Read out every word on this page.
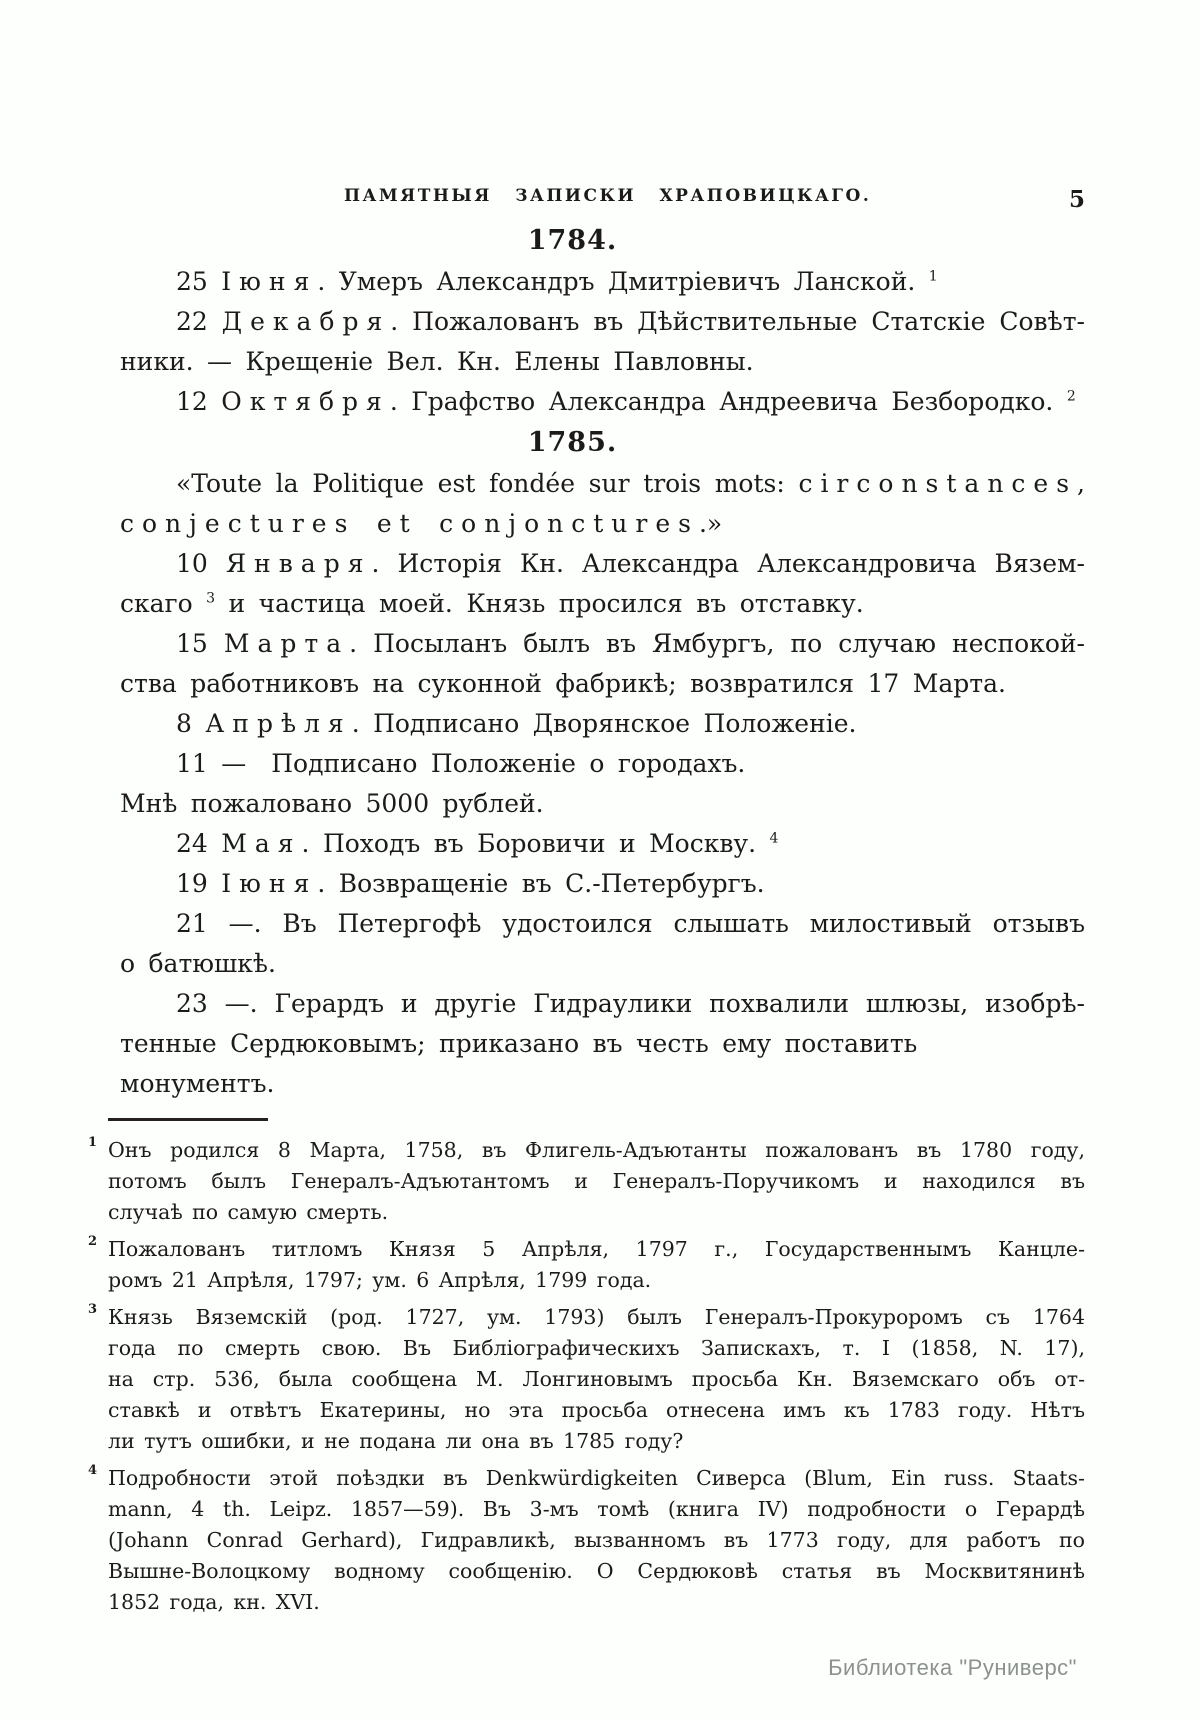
ПАМЯТНЫЯ ЗАПИСКИ ХРАПОВИЦКАГО.	5
1784.
25 Іюня. Умеръ Александръ Дмитріевичъ Ланской. $^1$
22 Декабря. Пожалованъ въ Дѣйствительные Статскіе Совѣт-
ники. — Крещеніе Вел. Кн. Елены Павловны.
12 Октября. Графство Александра Андреевича Безбородко. $^2$
1785.
«Toute la Politique est fondée sur trois mots: circonstances,
conjectures et conjonctures.»
10 Января. Исторія Кн. Александра Александровича Вязем-
скаго $^3$ и частица моей. Князь просился въ отставку.
15 Марта. Посыланъ былъ въ Ямбургъ, по случаю неспокой-
ства работниковъ на суконной фабрикѣ; возвратился 17 Марта.
8 Апрѣля. Подписано Дворянское Положеніе.
11 — Подписано Положеніе о городахъ.
Мнѣ пожаловано 5000 рублей.
24 Мая. Походъ въ Боровичи и Москву. $^4$
19 Іюня. Возвращеніе въ С.-Петербургъ.
21 —. Въ Петергофѣ удостоился слышать милостивый отзывъ
о батюшкѣ.
23 —. Герардъ и другіе Гидраулики похвалили шлюзы, изобрѣ-
тенные Сердюковымъ; приказано въ честь ему поставить монументъ.
1 Онъ родился 8 Марта, 1758, въ Флигель-Адъютанты пожалованъ въ 1780 году,
потомъ былъ Генералъ-Адъютантомъ и Генералъ-Поручикомъ и находился въ
случаѣ по самую смерть.
2 Пожалованъ титломъ Князя 5 Апрѣля, 1797 г., Государственнымъ Канцле-
ромъ 21 Апрѣля, 1797; ум. 6 Апрѣля, 1799 года.
3 Князь Вяземскій (род. 1727, ум. 1793) былъ Генералъ-Прокуроромъ съ 1764
года по смерть свою. Въ Библіографическихъ Запискахъ, т. I (1858, N. 17),
на стр. 536, была сообщена М. Лонгиновымъ просьба Кн. Вяземскаго объ от-
ставкѣ и отвѣтъ Екатерины, но эта просьба отнесена имъ къ 1783 году. Нѣтъ
ли тутъ ошибки, и не подана ли она въ 1785 году?
4 Подробности этой поѣздки въ Denkwürdigkeiten Сиверса (Blum, Ein russ. Staats-
mann, 4 th. Leipz. 1857—59). Въ 3-мъ томѣ (книга IV) подробности о Герардѣ
(Johann Conrad Gerhard), Гидравликѣ, вызванномъ въ 1773 году, для работъ по
Вышне-Волоцкому водному сообщенію. О Сердюковѣ статья въ Москвитянинѣ
1852 года, кн. XVI.
Библиотека "Руниверс"
